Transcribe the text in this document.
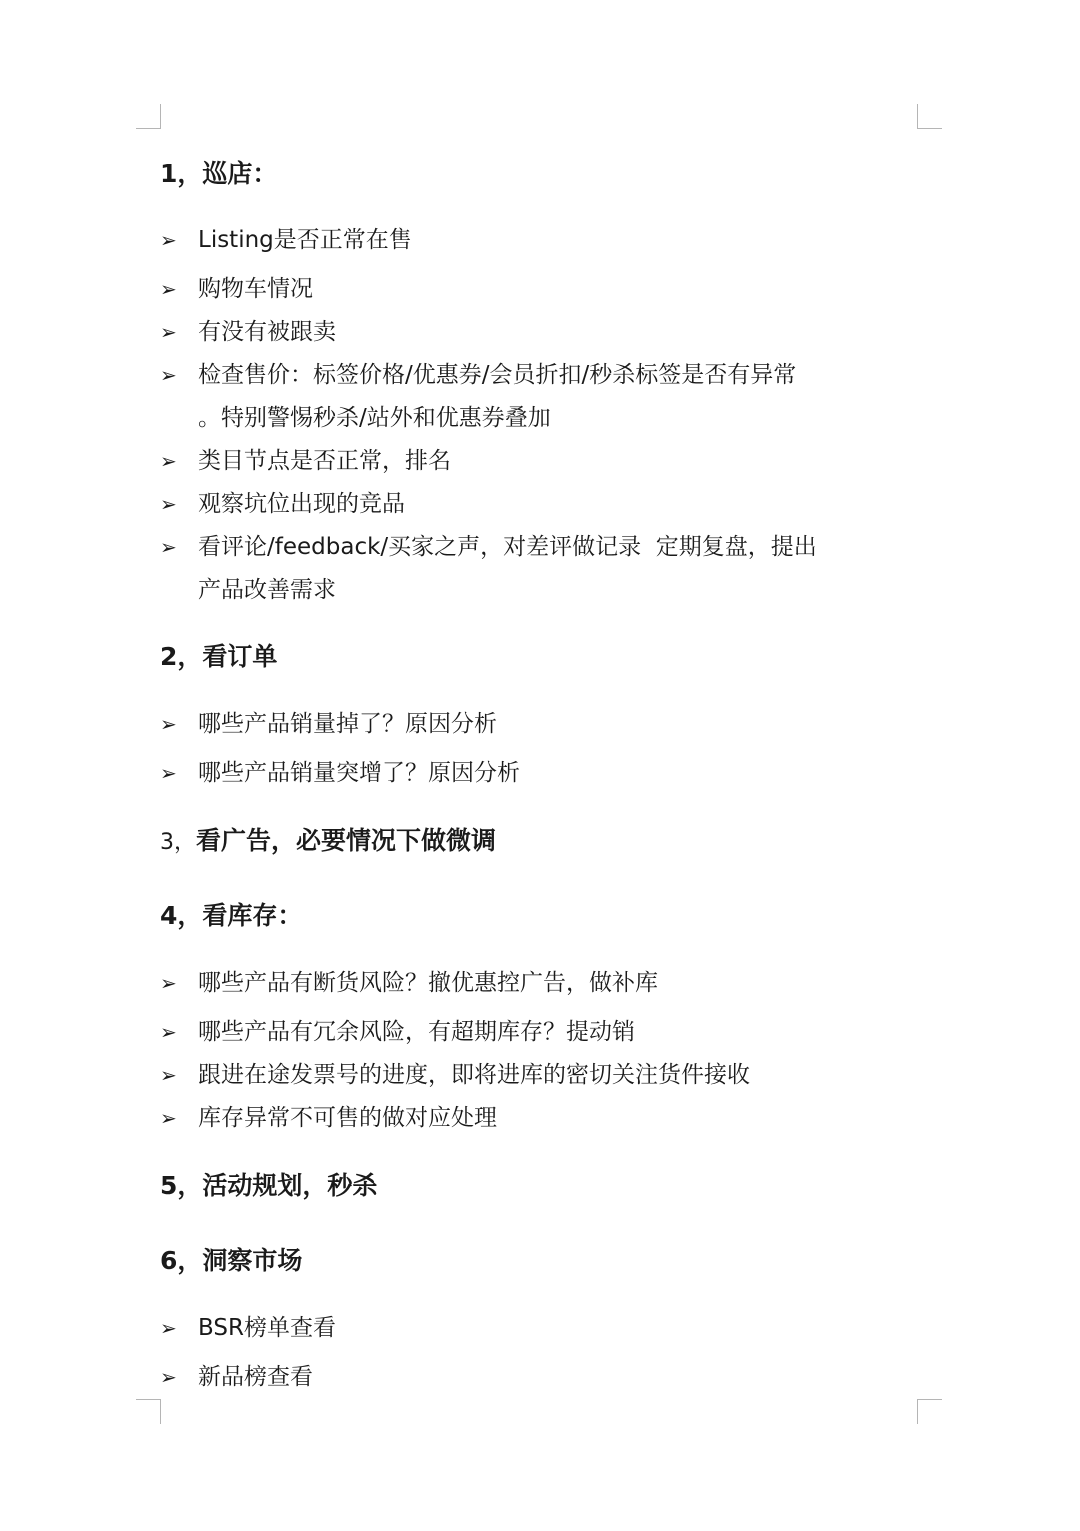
1，巡店：
➢ Listing是否正常在售
➢ 购物车情况
➢ 有没有被跟卖
➢ 检查售价：标签价格/优惠券/会员折扣/秒杀标签是否有异常
。特别警惕秒杀/站外和优惠券叠加
➢ 类目节点是否正常，排名
➢ 观察坑位出现的竞品
➢ 看评论/feedback/买家之声，对差评做记录  定期复盘，提出
产品改善需求
2，看订单
➢ 哪些产品销量掉了？原因分析
➢ 哪些产品销量突增了？原因分析
3，看广告，必要情况下做微调
4，看库存：
➢ 哪些产品有断货风险？撤优惠控广告，做补库
➢ 哪些产品有冗余风险，有超期库存？提动销
➢ 跟进在途发票号的进度，即将进库的密切关注货件接收
➢ 库存异常不可售的做对应处理
5，活动规划，秒杀
6，洞察市场
➢ BSR榜单查看
➢ 新品榜查看
